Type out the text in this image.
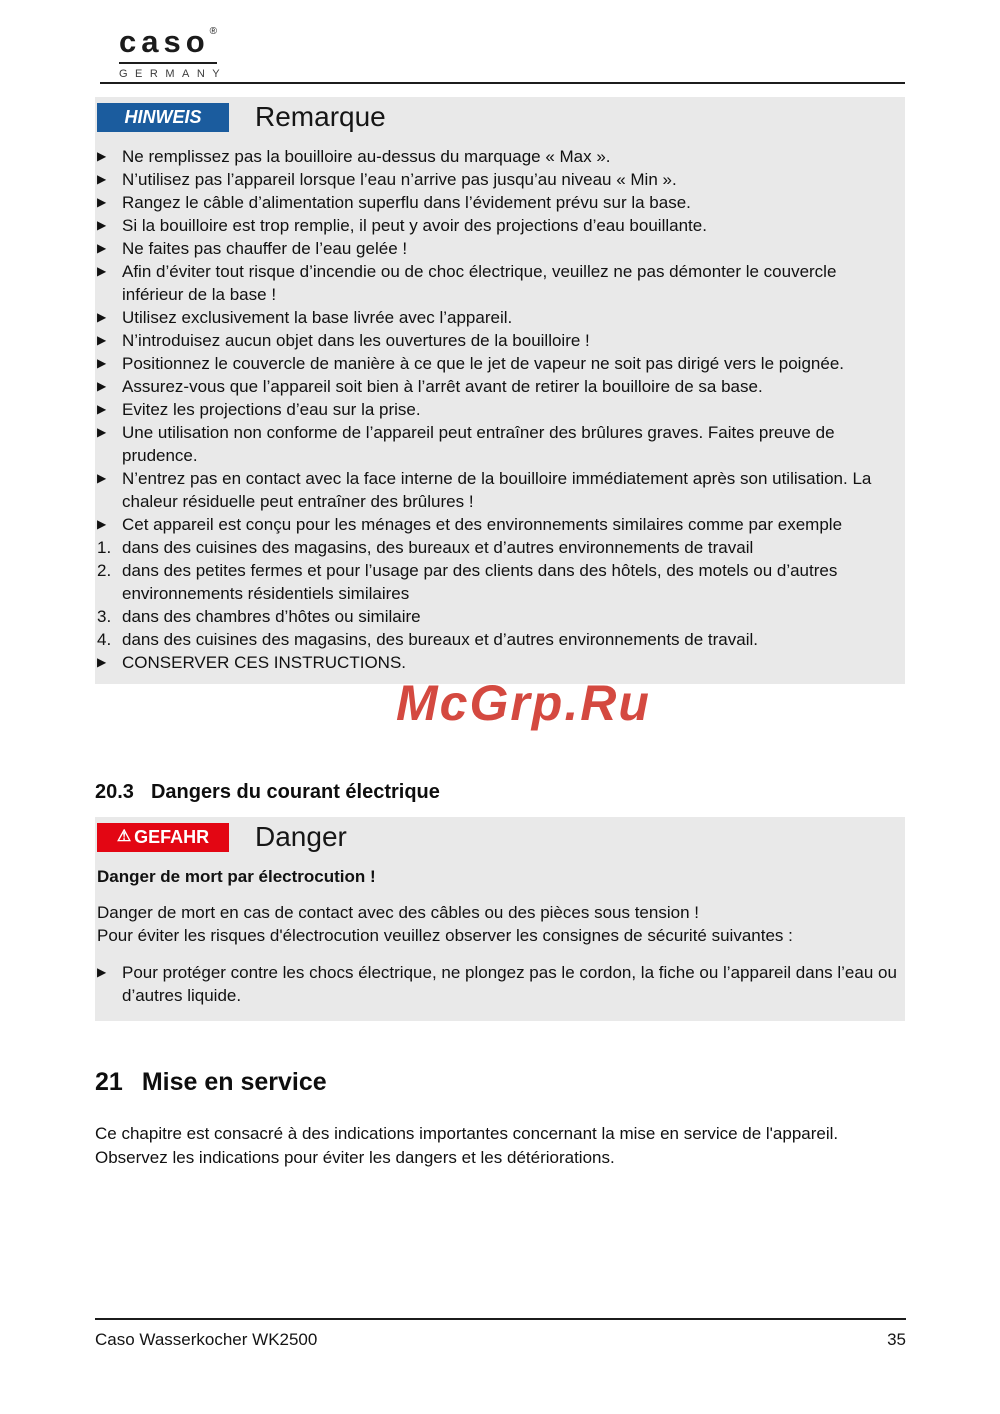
caso®
GERMANY
HINWEIS	Remarque
▶ Ne remplissez pas la bouilloire au-dessus du marquage « Max ».
▶ N’utilisez pas l’appareil lorsque l’eau n’arrive pas jusqu’au niveau « Min ».
▶ Rangez le câble d’alimentation superflu dans l’évidement prévu sur la base.
▶ Si la bouilloire est trop remplie, il peut y avoir des projections d’eau bouillante.
▶ Ne faites pas chauffer de l’eau gelée !
▶ Afin d’éviter tout risque d’incendie ou de choc électrique, veuillez ne pas démonter le couvercle inférieur de la base !
▶ Utilisez exclusivement la base livrée avec l’appareil.
▶ N’introduisez aucun objet dans les ouvertures de la bouilloire !
▶ Positionnez le couvercle de manière à ce que le jet de vapeur ne soit pas dirigé vers le poignée.
▶ Assurez-vous que l’appareil soit bien à l’arrêt avant de retirer la bouilloire de sa base.
▶ Evitez les projections d’eau sur la prise.
▶ Une utilisation non conforme de l’appareil peut entraîner des brûlures graves. Faites preuve de prudence.
▶ N’entrez pas en contact avec la face interne de la bouilloire immédiatement après son utilisation. La chaleur résiduelle peut entraîner des brûlures !
▶ Cet appareil est conçu pour les ménages et des environnements similaires comme par exemple
1. dans des cuisines des magasins, des bureaux et d’autres environnements de travail
2. dans des petites fermes et pour l’usage par des clients dans des hôtels, des motels ou d’autres environnements résidentiels similaires
3. dans des chambres d’hôtes ou similaire
4. dans des cuisines des magasins, des bureaux et d’autres environnements de travail.
▶ CONSERVER CES INSTRUCTIONS.
McGrp.Ru
20.3 Dangers du courant électrique
⚠ GEFAHR Danger
Danger de mort par électrocution !
Danger de mort en cas de contact avec des câbles ou des pièces sous tension !
Pour éviter les risques d'électrocution veuillez observer les consignes de sécurité suivantes :
▶ Pour protéger contre les chocs électrique, ne plongez pas le cordon, la fiche ou l’appareil dans l’eau ou d’autres liquide.
21 Mise en service
Ce chapitre est consacré à des indications importantes concernant la mise en service de l'appareil. Observez les indications pour éviter les dangers et les détériorations.
Caso Wasserkocher WK2500	35
